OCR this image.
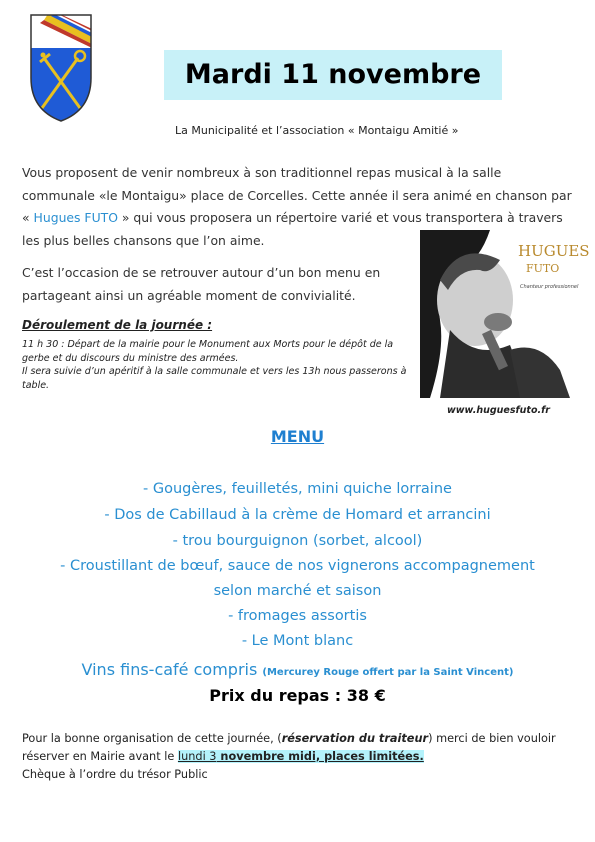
Mardi 11 novembre
La Municipalité et l’association « Montaigu Amitié »
Vous proposent de venir nombreux à son traditionnel repas musical à la salle communale «le Montaigu» place de Corcelles. Cette année il sera animé en chanson par « Hugues FUTO » qui vous proposera un répertoire varié et vous transportera à travers les plus belles chansons que l’on aime.
C’est l’occasion de se retrouver autour d’un bon menu en partageant ainsi un agréable moment de convivialité.
Déroulement de la journée :
11 h 30 : Départ de la mairie pour le Monument aux Morts pour le dépôt de la gerbe et du discours du ministre des armées.
Il sera suivie d’un apéritif à la salle communale et vers les 13h nous passerons à table.
HUGUES
FUTO
Chanteur professionnel
www.huguesfuto.fr
MENU
- Gougères, feuilletés, mini quiche lorraine
- Dos de Cabillaud à la crème de Homard et arrancini
- trou bourguignon (sorbet, alcool)
- Croustillant de bœuf, sauce de nos vignerons accompagnement
selon marché et saison
- fromages assortis
- Le Mont blanc
Vins fins-café compris (Mercurey Rouge offert par la Saint Vincent)
Prix du repas : 38 €
Pour la bonne organisation de cette journée, (réservation du traiteur) merci de bien vouloir réserver en Mairie avant le lundi 3 novembre midi, places limitées.
Chèque à l’ordre du trésor Public
